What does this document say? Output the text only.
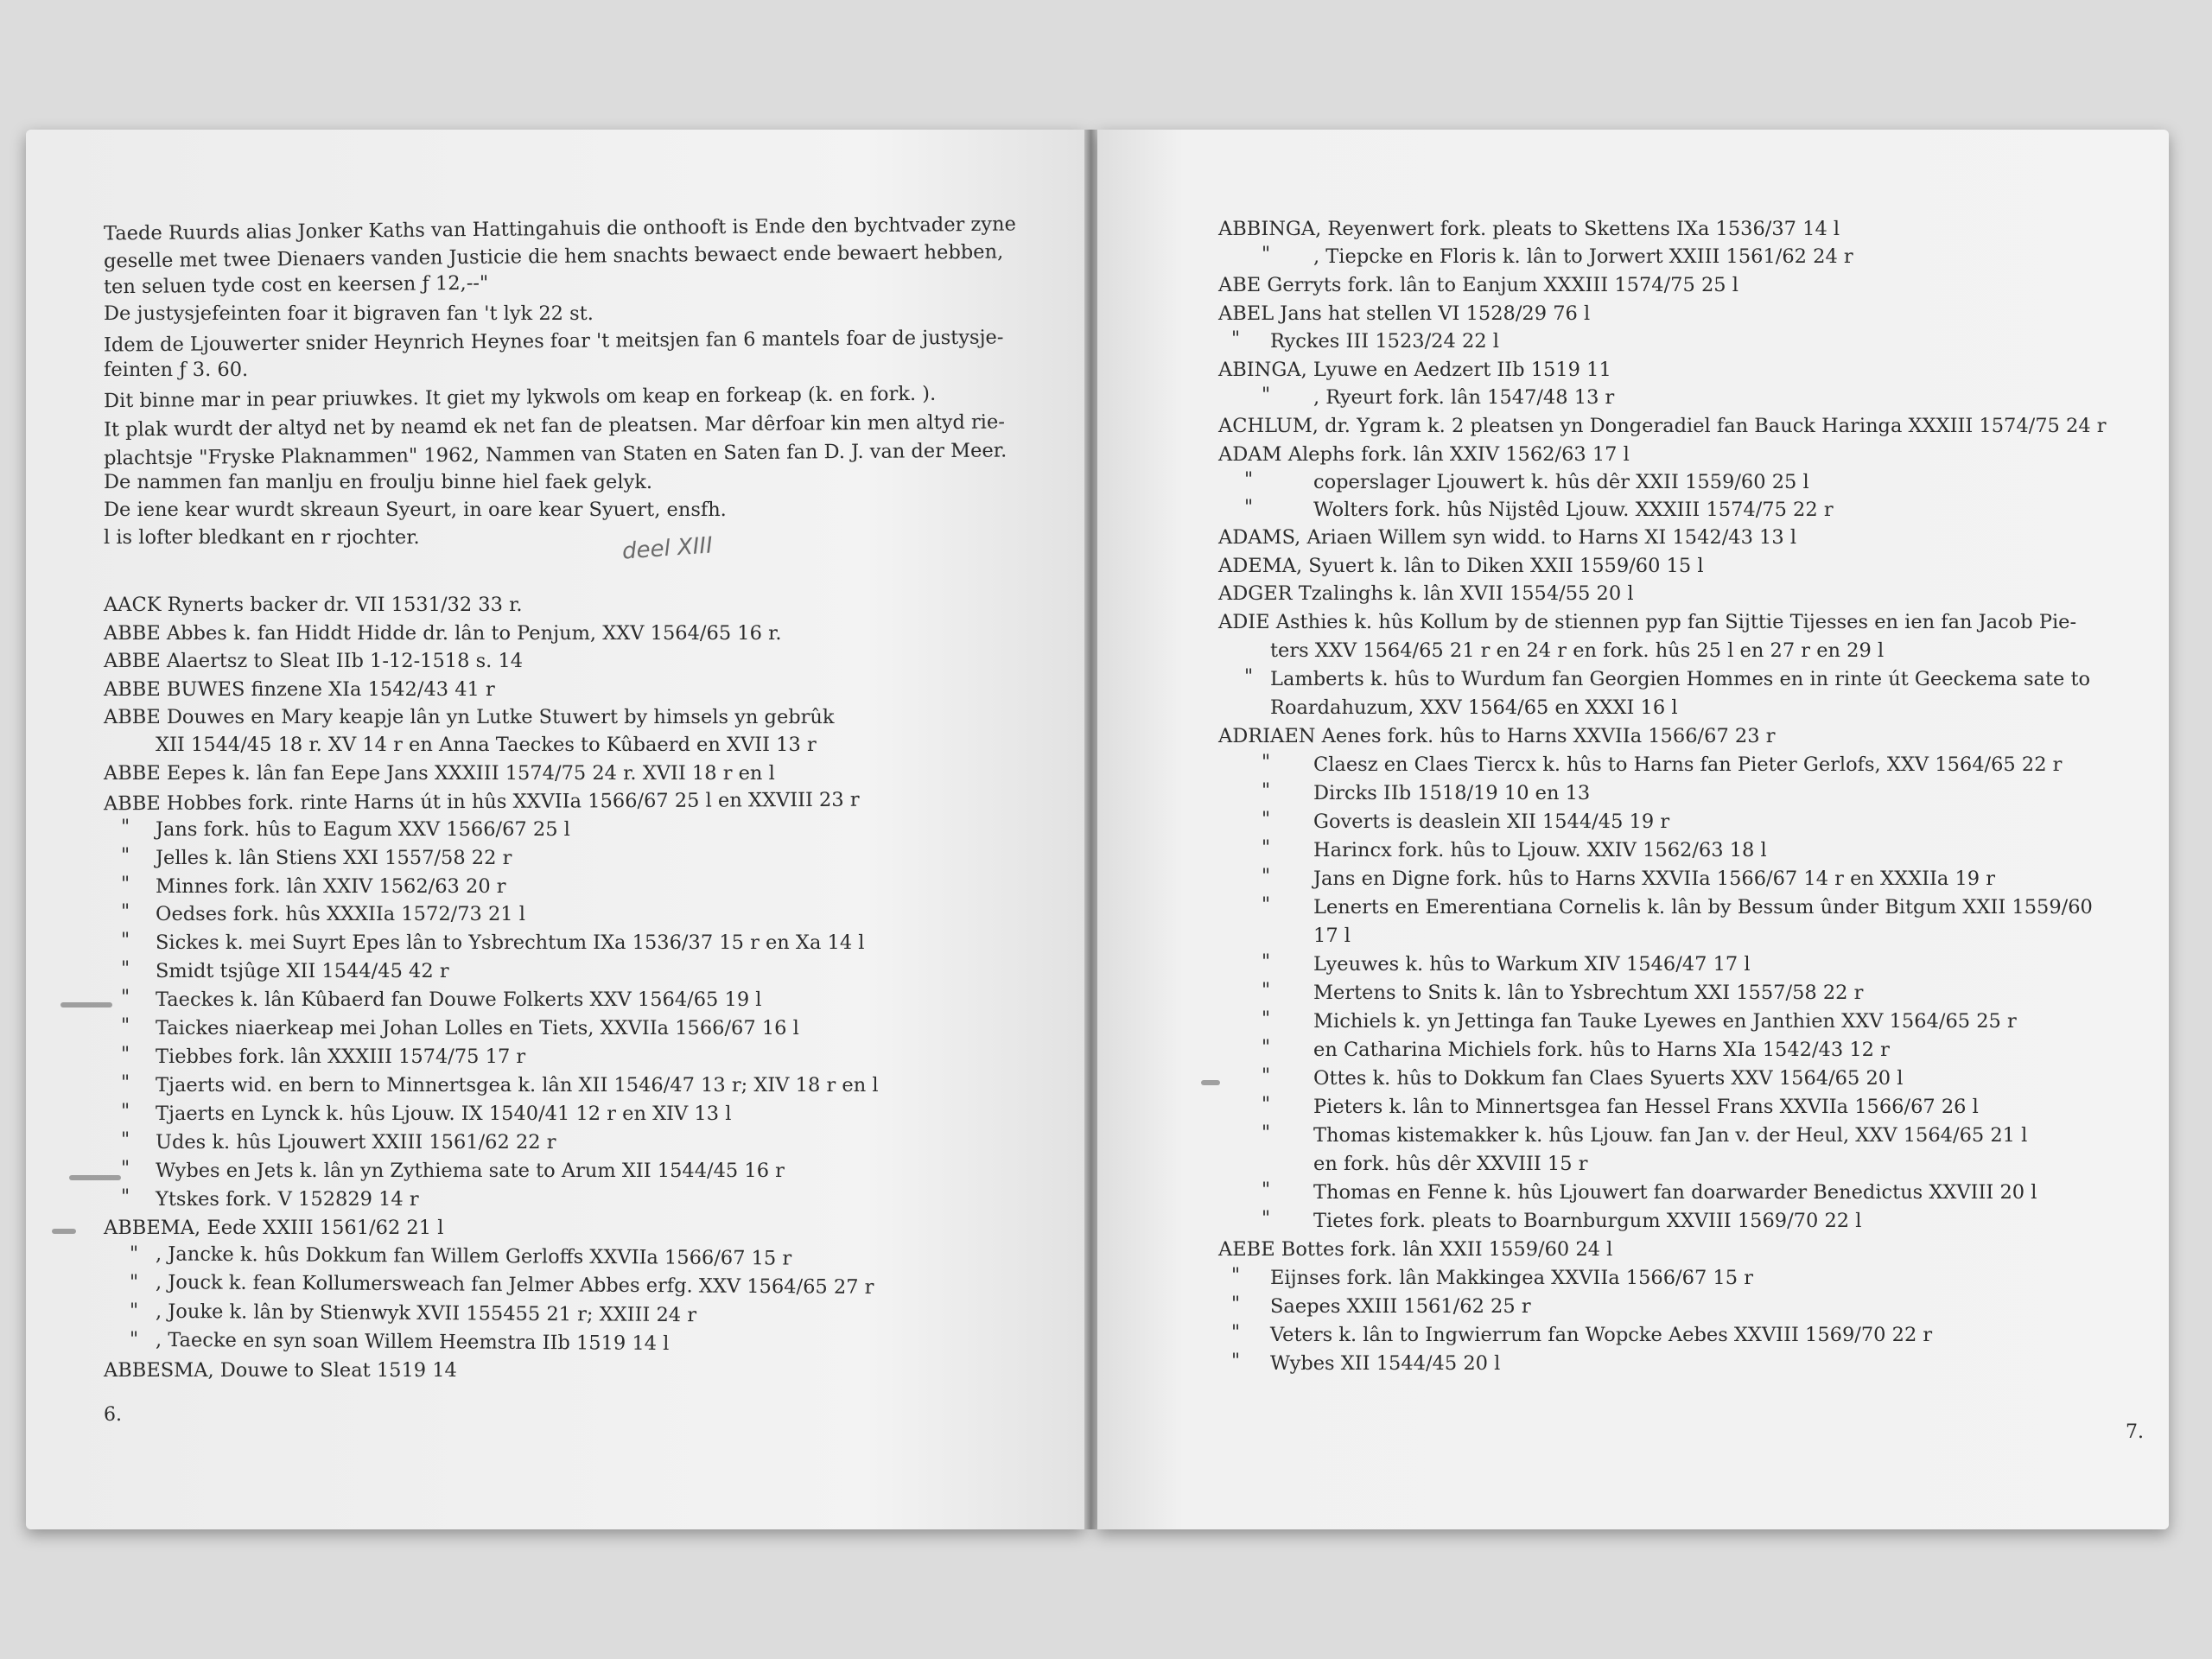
Taede Ruurds alias Jonker Kaths van Hattingahuis die onthooft is Ende den bychtvader zyne
geselle met twee Dienaers vanden Justicie die hem snachts bewaect ende bewaert hebben,
ten seluen tyde cost en keersen ƒ 12,--"
De justysjefeinten foar it bigraven fan 't lyk 22 st.
Idem de Ljouwerter snider Heynrich Heynes foar 't meitsjen fan 6 mantels foar de justysje-
feinten ƒ 3. 60.
Dit binne mar in pear priuwkes. It giet my lykwols om keap en forkeap (k. en fork. ).
It plak wurdt der altyd net by neamd ek net fan de pleatsen. Mar dêrfoar kin men altyd rie-
plachtsje "Fryske Plaknammen" 1962, Nammen van Staten en Saten fan D. J. van der Meer.
De nammen fan manlju en froulju binne hiel faek gelyk.
De iene kear wurdt skreaun Syeurt, in oare kear Syuert, ensfh.
l is lofter bledkant en r rjochter.	deel XIII
AACK Rynerts backer dr. VII 1531/32 33 r.
ABBE Abbes k. fan Hiddt Hidde dr. lân to Penjum, XXV 1564/65 16 r.
ABBE Alaertsz to Sleat IIb 1-12-1518 s. 14
ABBE BUWES finzene XIa 1542/43 41 r
ABBE Douwes en Mary keapje lân yn Lutke Stuwert by himsels yn gebrûk
XII 1544/45 18 r. XV 14 r en Anna Taeckes to Kûbaerd en XVII 13 r
ABBE Eepes k. lân fan Eepe Jans XXXIII 1574/75 24 r. XVII 18 r en l
ABBE Hobbes fork. rinte Harns út in hûs XXVIIa 1566/67 25 l en XXVIII 23 r
" Jans fork. hûs to Eagum XXV 1566/67 25 l
" Jelles k. lân Stiens XXI 1557/58 22 r
" Minnes fork. lân XXIV 1562/63 20 r
" Oedses fork. hûs XXXIIa 1572/73 21 l
" Sickes k. mei Suyrt Epes lân to Ysbrechtum IXa 1536/37 15 r en Xa 14 l
" Smidt tsjûge XII 1544/45 42 r
" Taeckes k. lân Kûbaerd fan Douwe Folkerts XXV 1564/65 19 l
" Taickes niaerkeap mei Johan Lolles en Tiets, XXVIIa 1566/67 16 l
" Tiebbes fork. lân XXXIII 1574/75 17 r
" Tjaerts wid. en bern to Minnertsgea k. lân XII 1546/47 13 r; XIV 18 r en l
" Tjaerts en Lynck k. hûs Ljouw. IX 1540/41 12 r en XIV 13 l
" Udes k. hûs Ljouwert XXIII 1561/62 22 r
" Wybes en Jets k. lân yn Zythiema sate to Arum XII 1544/45 16 r
" Ytskes fork. V 152829 14 r
ABBEMA, Eede XXIII 1561/62 21 l
" , Jancke k. hûs Dokkum fan Willem Gerloffs XXVIIa 1566/67 15 r
" , Jouck k. fean Kollumersweach fan Jelmer Abbes erfg. XXV 1564/65 27 r
" , Jouke k. lân by Stienwyk XVII 155455 21 r; XXIII 24 r
" , Taecke en syn soan Willem Heemstra IIb 1519 14 l
ABBESMA, Douwe to Sleat 1519 14
6.
ABBINGA, Reyenwert fork. pleats to Skettens IXa 1536/37 14 l
" , Tiepcke en Floris k. lân to Jorwert XXIII 1561/62 24 r
ABE Gerryts fork. lân to Eanjum XXXIII 1574/75 25 l
ABEL Jans hat stellen VI 1528/29 76 l
" Ryckes III 1523/24 22 l
ABINGA, Lyuwe en Aedzert IIb 1519 11
" , Ryeurt fork. lân 1547/48 13 r
ACHLUM, dr. Ygram k. 2 pleatsen yn Dongeradiel fan Bauck Haringa XXXIII 1574/75 24 r
ADAM Alephs fork. lân XXIV 1562/63 17 l
"	coperslager Ljouwert k. hûs dêr XXII 1559/60 25 l
"	Wolters fork. hûs Nijstêd Ljouw. XXXIII 1574/75 22 r
ADAMS, Ariaen Willem syn widd. to Harns XI 1542/43 13 l
ADEMA, Syuert k. lân to Diken XXII 1559/60 15 l
ADGER Tzalinghs k. lân XVII 1554/55 20 l
ADIE Asthies k. hûs Kollum by de stiennen pyp fan Sijttie Tijesses en ien fan Jacob Pie-
ters XXV 1564/65 21 r en 24 r en fork. hûs 25 l en 27 r en 29 l
" Lamberts k. hûs to Wurdum fan Georgien Hommes en in rinte út Geeckema sate to
Roardahuzum, XXV 1564/65 en XXXI 16 l
ADRIAEN Aenes fork. hûs to Harns XXVIIa 1566/67 23 r
" Claesz en Claes Tiercx k. hûs to Harns fan Pieter Gerlofs, XXV 1564/65 22 r
" Dircks IIb 1518/19 10 en 13
" Goverts is deaslein XII 1544/45 19 r
" Harincx fork. hûs to Ljouw. XXIV 1562/63 18 l
" Jans en Digne fork. hûs to Harns XXVIIa 1566/67 14 r en XXXIIa 19 r
" Lenerts en Emerentiana Cornelis k. lân by Bessum ûnder Bitgum XXII 1559/60
17 l
" Lyeuwes k. hûs to Warkum XIV 1546/47 17 l
" Mertens to Snits k. lân to Ysbrechtum XXI 1557/58 22 r
" Michiels k. yn Jettinga fan Tauke Lyewes en Janthien XXV 1564/65 25 r
" en Catharina Michiels fork. hûs to Harns XIa 1542/43 12 r
" Ottes k. hûs to Dokkum fan Claes Syuerts XXV 1564/65 20 l
" Pieters k. lân to Minnertsgea fan Hessel Frans XXVIIa 1566/67 26 l
" Thomas kistemakker k. hûs Ljouw. fan Jan v. der Heul, XXV 1564/65 21 l
en fork. hûs dêr XXVIII 15 r
" Thomas en Fenne k. hûs Ljouwert fan doarwarder Benedictus XXVIII 20 l
" Tietes fork. pleats to Boarnburgum XXVIII 1569/70 22 l
AEBE Bottes fork. lân XXII 1559/60 24 l
" Eijnses fork. lân Makkingea XXVIIa 1566/67 15 r
" Saepes XXIII 1561/62 25 r
" Veters k. lân to Ingwierrum fan Wopcke Aebes XXVIII 1569/70 22 r
" Wybes XII 1544/45 20 l
7.
